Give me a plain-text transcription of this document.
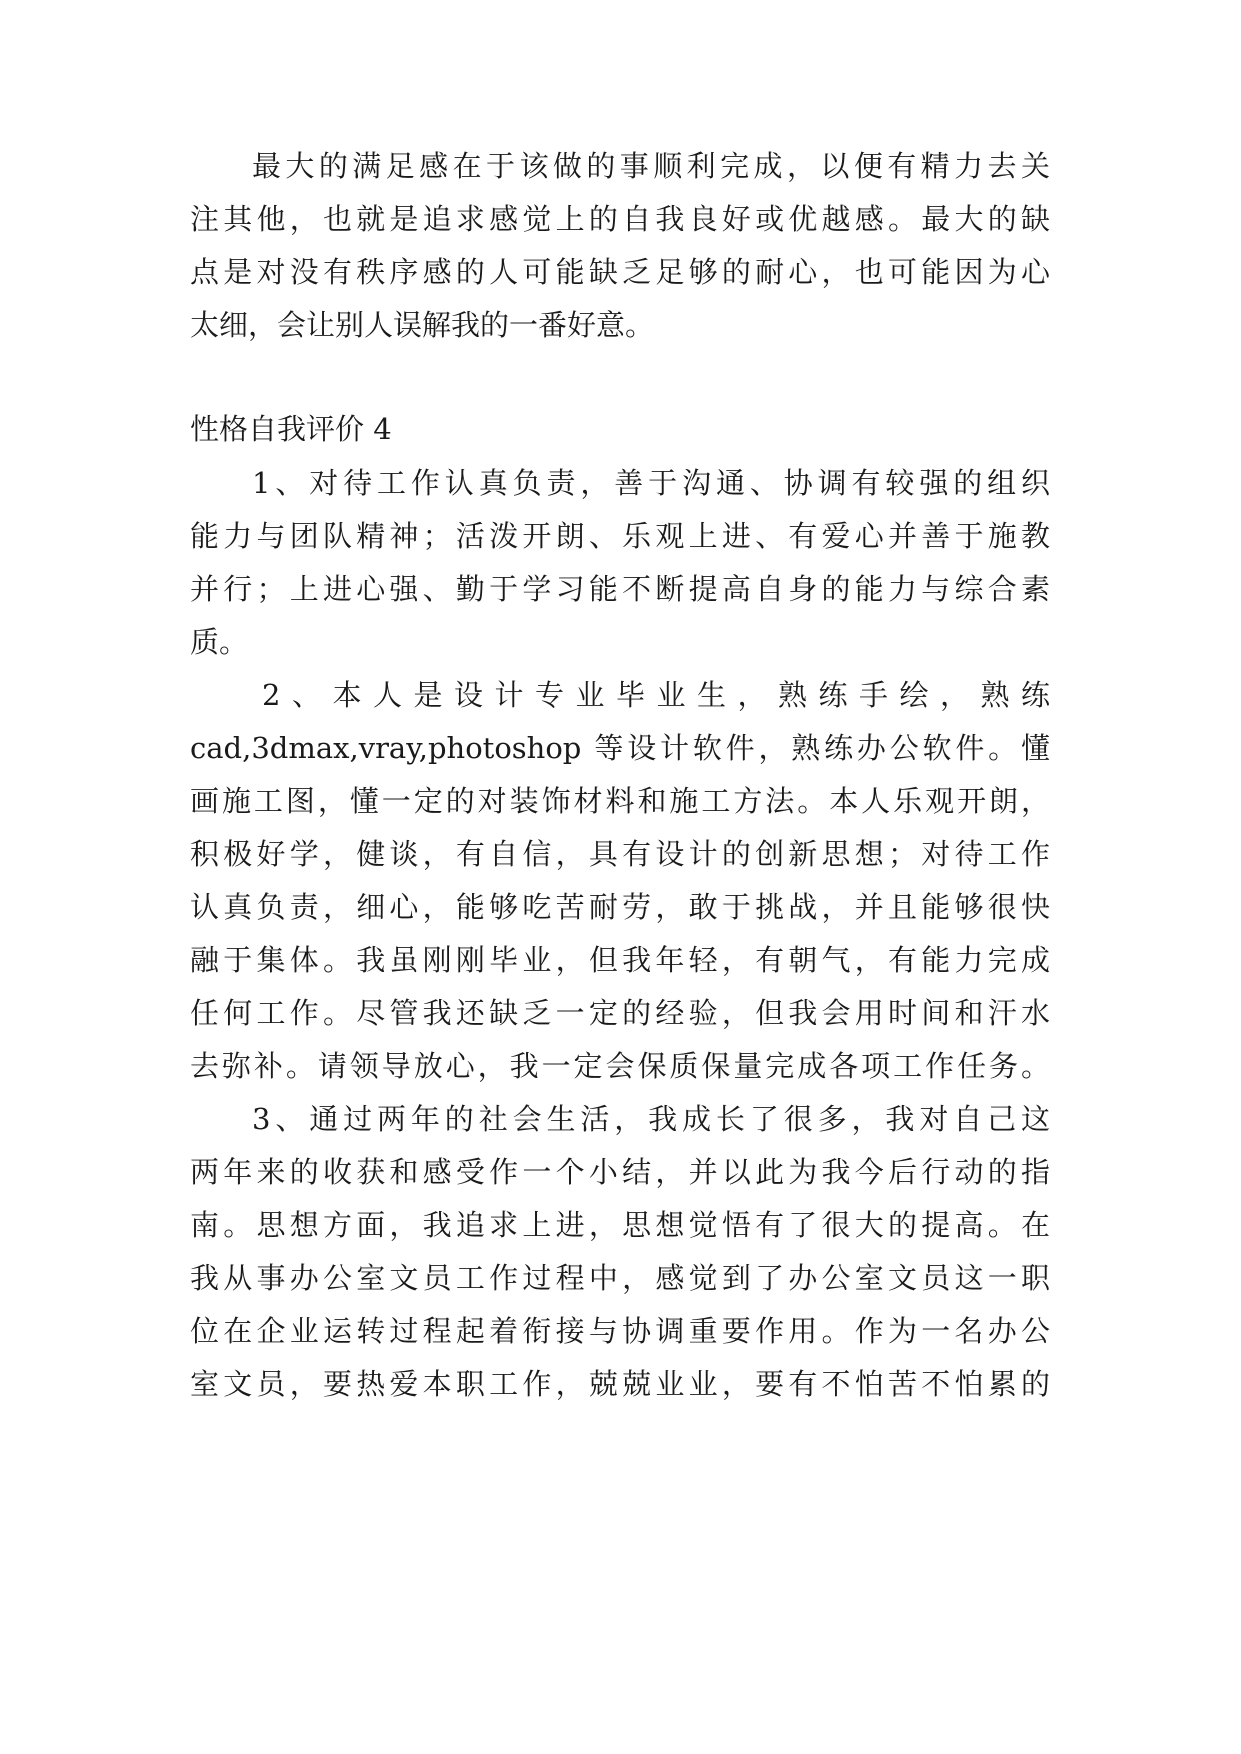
最大的满足感在于该做的事顺利完成，以便有精力去关
注其他，也就是追求感觉上的自我良好或优越感。最大的缺
点是对没有秩序感的人可能缺乏足够的耐心，也可能因为心
太细，会让别人误解我的一番好意。
性格自我评价 4
1、对待工作认真负责，善于沟通、协调有较强的组织
能力与团队精神；活泼开朗、乐观上进、有爱心并善于施教
并行；上进心强、勤于学习能不断提高自身的能力与综合素
质。
2、本人是设计专业毕业生，熟练手绘，熟练
cad,3dmax,vray,photoshop 等设计软件，熟练办公软件。懂
画施工图，懂一定的对装饰材料和施工方法。本人乐观开朗，
积极好学，健谈，有自信，具有设计的创新思想；对待工作
认真负责，细心，能够吃苦耐劳，敢于挑战，并且能够很快
融于集体。我虽刚刚毕业，但我年轻，有朝气，有能力完成
任何工作。尽管我还缺乏一定的经验，但我会用时间和汗水
去弥补。请领导放心，我一定会保质保量完成各项工作任务。
3、通过两年的社会生活，我成长了很多，我对自己这
两年来的收获和感受作一个小结，并以此为我今后行动的指
南。思想方面，我追求上进，思想觉悟有了很大的提高。在
我从事办公室文员工作过程中，感觉到了办公室文员这一职
位在企业运转过程起着衔接与协调重要作用。作为一名办公
室文员，要热爱本职工作，兢兢业业，要有不怕苦不怕累的
